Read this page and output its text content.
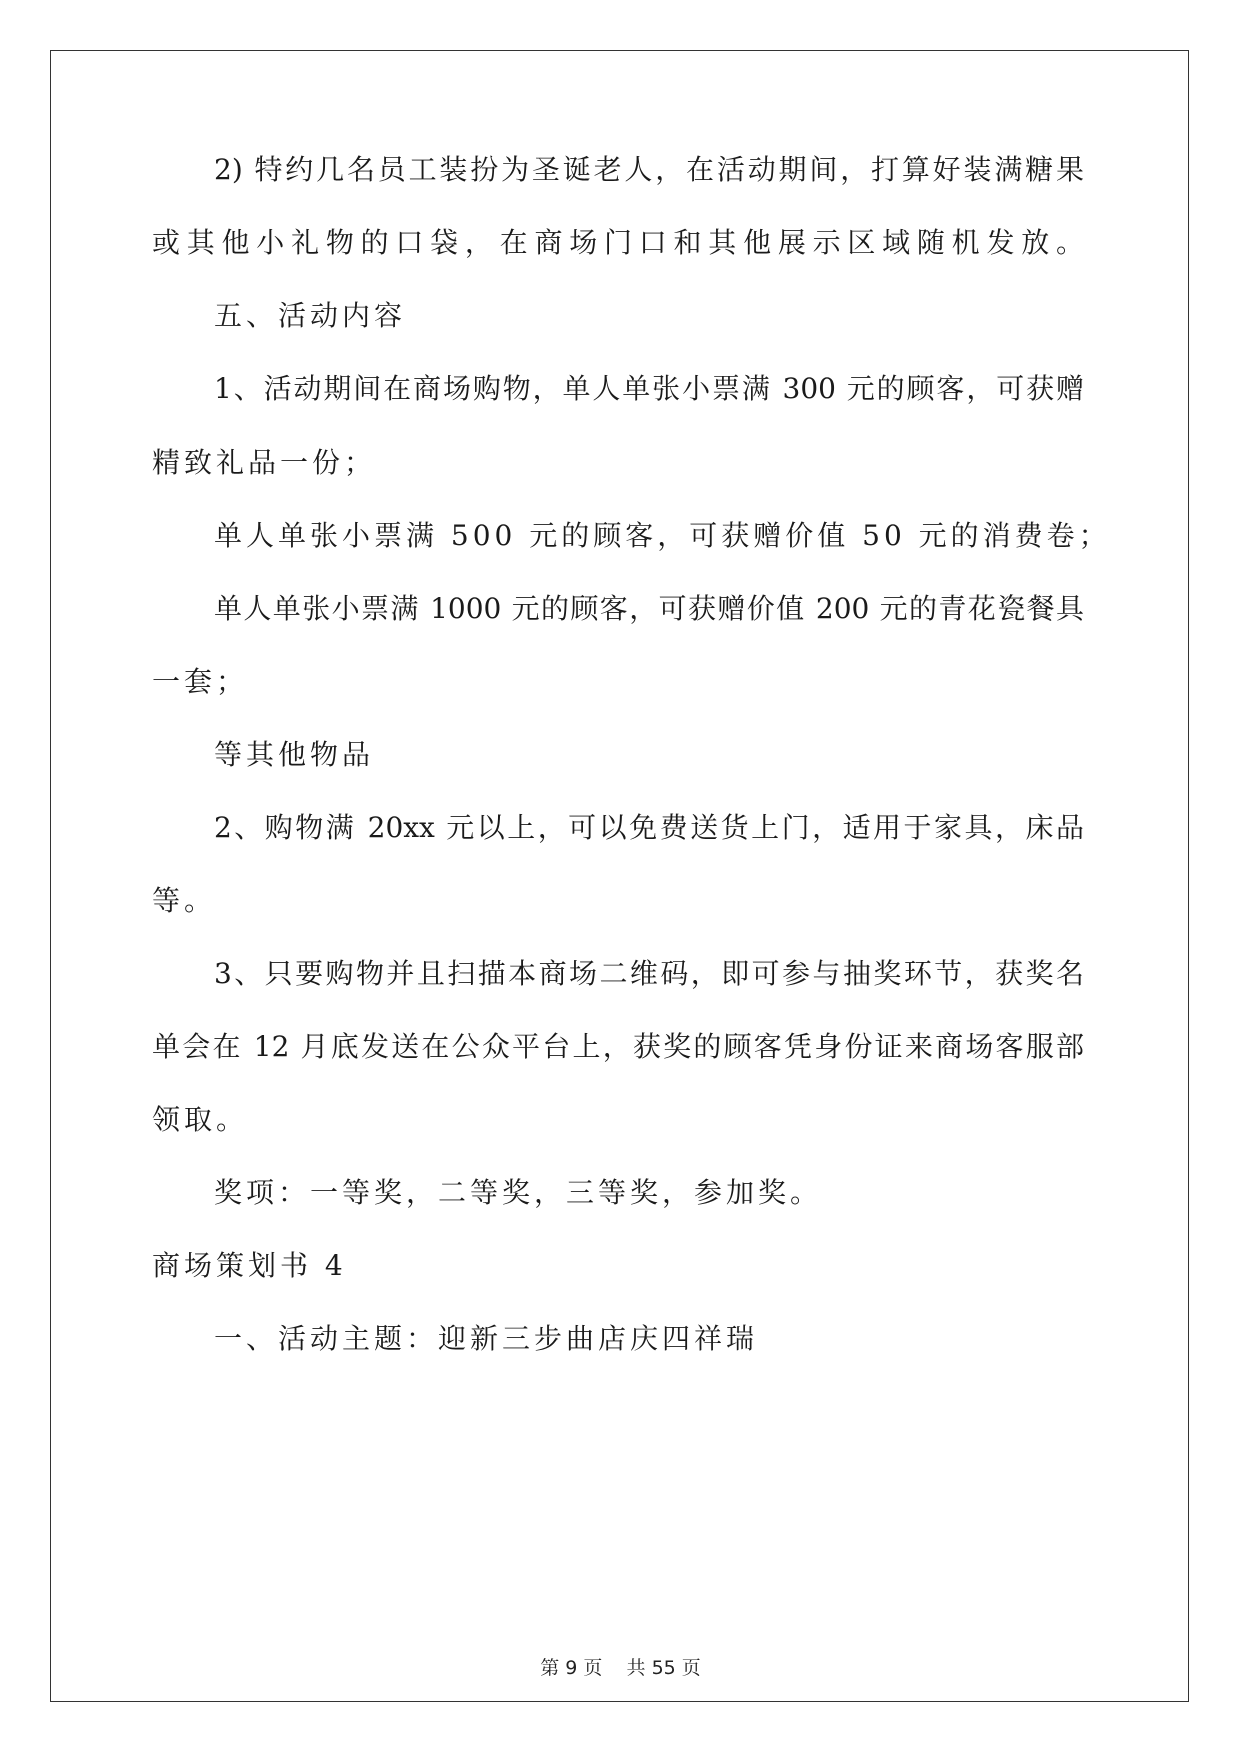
2) 特约几名员工装扮为圣诞老人，在活动期间，打算好装满糖果
或其他小礼物的口袋，在商场门口和其他展示区域随机发放。
五、活动内容
1、活动期间在商场购物，单人单张小票满 300 元的顾客，可获赠
精致礼品一份；
单人单张小票满 500 元的顾客，可获赠价值 50 元的消费卷；
单人单张小票满 1000 元的顾客，可获赠价值 200 元的青花瓷餐具
一套；
等其他物品
2、购物满 20xx 元以上，可以免费送货上门，适用于家具，床品
等。
3、只要购物并且扫描本商场二维码，即可参与抽奖环节，获奖名
单会在 12 月底发送在公众平台上，获奖的顾客凭身份证来商场客服部
领取。
奖项：一等奖，二等奖，三等奖，参加奖。
商场策划书 4
一、活动主题：迎新三步曲店庆四祥瑞
第 9 页    共 55 页
